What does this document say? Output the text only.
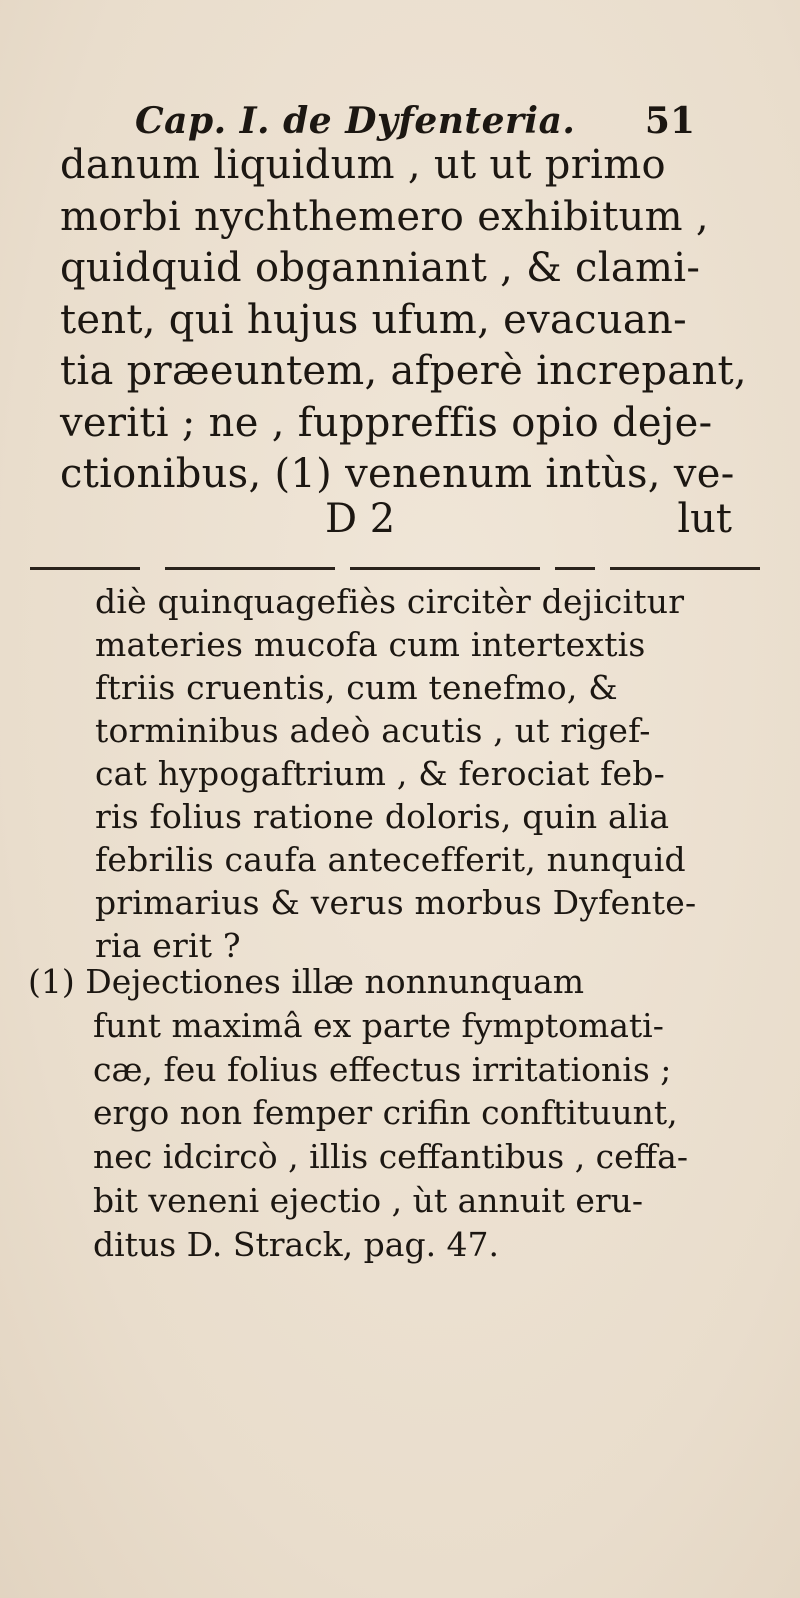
Cap. I. de Dyfenteria. 51
danum liquidum , ut ut primo
morbi nychthemero exhibitum ,
quidquid obganniant , & clami-
tent, qui hujus ufum, evacuan-
tia præeuntem, afperè increpant,
veriti ; ne , fuppreffis opio deje-
ctionibus, (1) venenum intùs, ve-
D 2	lut
diè quinquagefiès circitèr dejicitur
materies mucofa cum intertextis
ftriis cruentis, cum tenefmo, &
torminibus adeò acutis , ut rigef-
cat hypogaftrium , & ferociat feb-
ris folius ratione doloris, quin alia
febrilis caufa antecefferit, nunquid
primarius & verus morbus Dyfente-
ria erit ?
(1) Dejectiones illæ nonnunquam
funt maximâ ex parte fymptomati-
cæ, feu folius effectus irritationis ;
ergo non femper crifin conftituunt,
nec idcircò , illis ceffantibus , ceffa-
bit veneni ejectio , ùt annuit eru-
ditus D. Strack, pag. 47.
